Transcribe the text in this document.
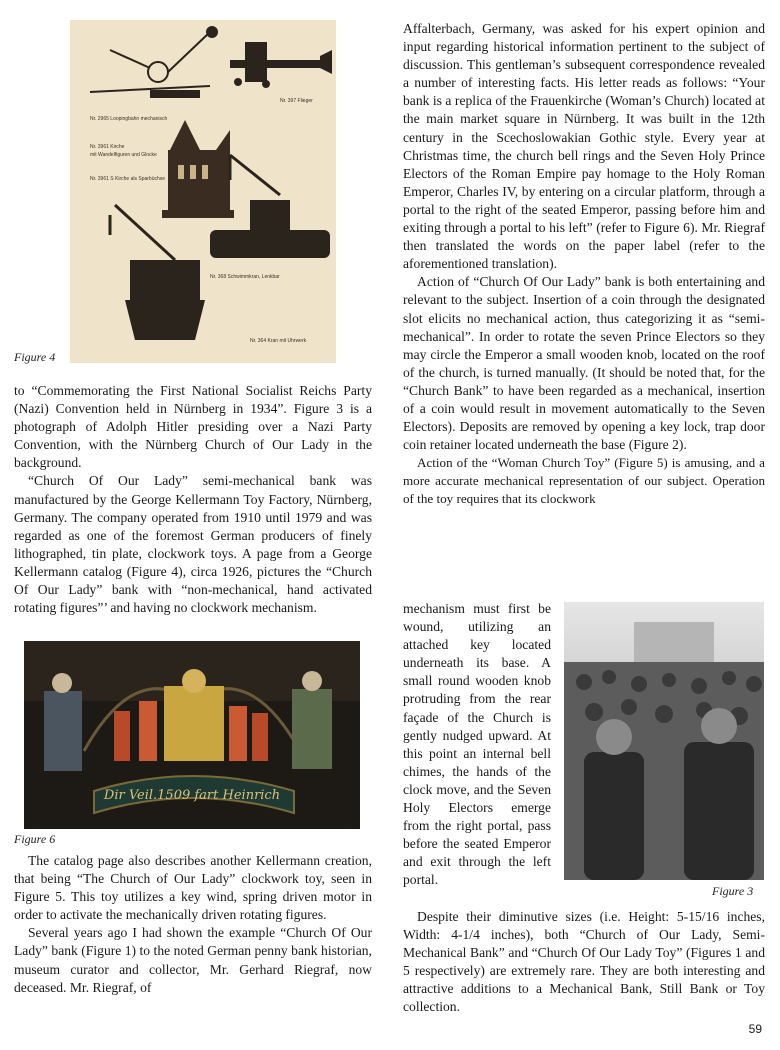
Nr. 2965 Loopingbahn mechanisch
Nr. 397 Flieger
Nr. 3961 Kirche
mit Wandelfiguren und Glocke
Nr. 3961 S Kirche als Sparbüchse
Nr. 368 Schwimmkran, Lenkbar
Nr. 364 Kran mit Uhrwerk
Figure 4

to “Commemorating the First National Socialist Reichs Party (Nazi) Convention held in Nürnberg in 1934”. Figure 3 is a photograph of Adolph Hitler presiding over a Nazi Party Convention, with the Nürnberg Church of Our Lady in the background.

“Church Of Our Lady” semi-mechanical bank was manufactured by the George Kellermann Toy Factory, Nürnberg, Germany. The company operated from 1910 until 1979 and was regarded as one of the foremost German producers of finely lithographed, tin plate, clockwork toys. A page from a George Kellermann catalog (Figure 4), circa 1926, pictures the “Church Of Our Lady” bank with “non-mechanical, hand activated rotating figures”’ and having no clockwork mechanism.

Dir Veil.1509 fart Heinrich
Figure 6

The catalog page also describes another Kellermann creation, that being “The Church of Our Lady” clockwork toy, seen in Figure 5. This toy utilizes a key wind, spring driven motor in order to activate the mechanically driven rotating figures.

Several years ago I had shown the example “Church Of Our Lady” bank (Figure 1) to the noted German penny bank historian, museum curator and collector, Mr. Gerhard Riegraf, now deceased. Mr. Riegraf, of

Affalterbach, Germany, was asked for his expert opinion and input regarding historical information pertinent to the subject of discussion. This gentleman’s subsequent correspondence revealed a number of interesting facts. His letter reads as follows: “Your bank is a replica of the Frauenkirche (Woman’s Church) located at the main market square in Nürnberg. It was built in the 12th century in the Scechoslowakian Gothic style. Every year at Christmas time, the church bell rings and the Seven Holy Prince Electors of the Roman Empire pay homage to the Holy Roman Emperor, Charles IV, by entering on a circular platform, through a portal to the right of the seated Emperor, passing before him and exiting through a portal to his left” (refer to Figure 6). Mr. Riegraf then translated the words on the paper label (refer to the aforementioned translation).

Action of “Church Of Our Lady” bank is both entertaining and relevant to the subject. Insertion of a coin through the designated slot elicits no mechanical action, thus categorizing it as “semi-mechanical”. In order to rotate the seven Prince Electors so they may circle the Emperor a small wooden knob, located on the roof of the church, is turned manually. (It should be noted that, for the “Church Bank” to have been regarded as a mechanical, insertion of a coin would result in movement automatically to the Seven Electors). Deposits are removed by opening a key lock, trap door coin retainer located underneath the base (Figure 2).

Action of the “Woman Church Toy” (Figure 5) is amusing, and a more accurate mechanical representation of our subject. Operation of the toy requires that its clockwork

mechanism must first be wound, utilizing an attached key located underneath its base. A small round wooden knob protruding from the rear façade of the Church is gently nudged upward. At this point an internal bell chimes, the hands of the clock move, and the Seven Holy Electors emerge from the right portal, pass before the seated Emperor and exit through the left portal.

Figure 3

Despite their diminutive sizes (i.e. Height: 5-15/16 inches, Width: 4-1/4 inches), both “Church of Our Lady, Semi-Mechanical Bank” and “Church Of Our Lady Toy” (Figures 1 and 5 respectively) are extremely rare. They are both interesting and attractive additions to a Mechanical Bank, Still Bank or Toy collection.

59
